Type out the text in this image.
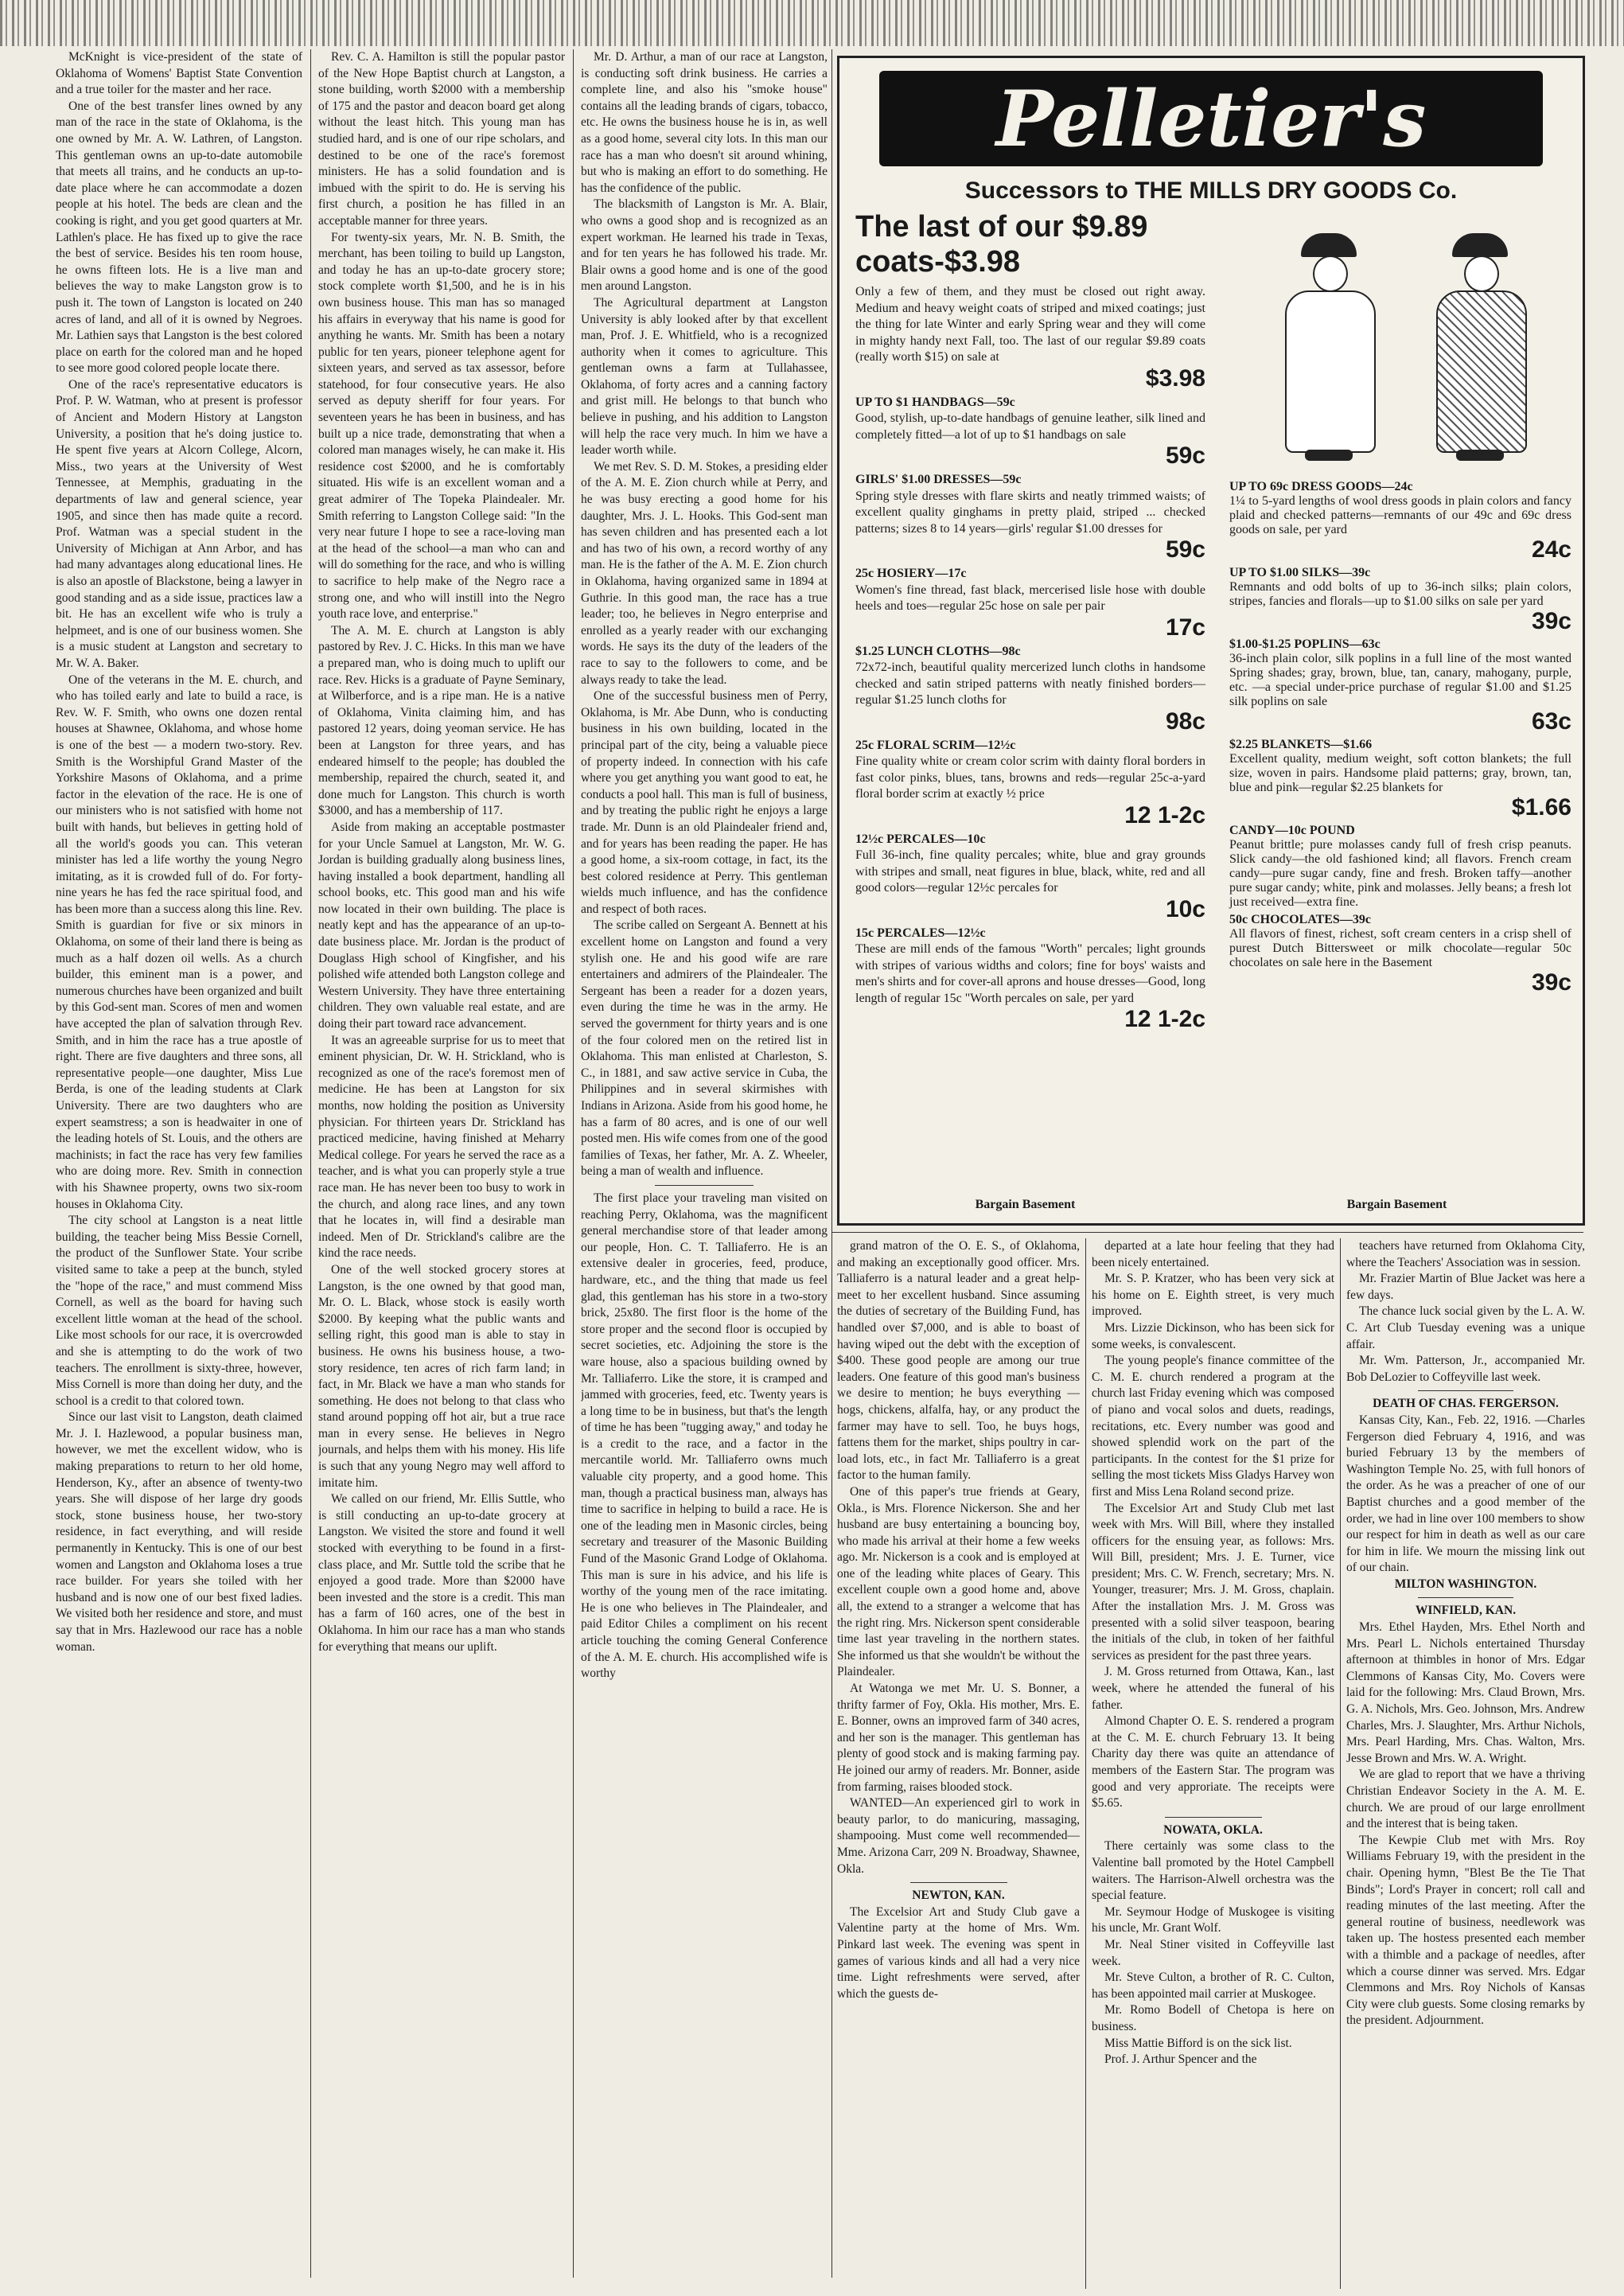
McKnight is vice-president of the state of Oklahoma of Womens' Baptist State Convention and a true toiler for the master and her race.

One of the best transfer lines owned by any man of the race in the state of Oklahoma, is the one owned by Mr. A. W. Lathren, of Langston. This gentleman owns an up-to-date automobile that meets all trains, and he conducts an up-to-date place where he can accommodate a dozen people at his hotel. The beds are clean and the cooking is right, and you get good quarters at Mr. Lathlen's place. He has fixed up to give the race the best of service. Besides his ten room house, he owns fifteen lots. He is a live man and believes the way to make Langston grow is to push it. The town of Langston is located on 240 acres of land, and all of it is owned by Negroes. Mr. Lathien says that Langston is the best colored place on earth for the colored man and he hoped to see more good colored people locate there.

One of the race's representative educators is Prof. P. W. Watman, who at present is professor of Ancient and Modern History at Langston University, a position that he's doing justice to. He spent five years at Alcorn College, Alcorn, Miss., two years at the University of West Tennessee, at Memphis, graduating in the departments of law and general science, year 1905, and since then has made quite a record. Prof. Watman was a special student in the University of Michigan at Ann Arbor, and has had many advantages along educational lines. He is also an apostle of Blackstone, being a lawyer in good standing and as a side issue, practices law a bit. He has an excellent wife who is truly a helpmeet, and is one of our business women. She is a music student at Langston and secretary to Mr. W. A. Baker.

One of the veterans in the M. E. church, and who has toiled early and late to build a race, is Rev. W. F. Smith, who owns one dozen rental houses at Shawnee, Oklahoma, and whose home is one of the best — a modern two-story. Rev. Smith is the Worshipful Grand Master of the Yorkshire Masons of Oklahoma, and a prime factor in the elevation of the race. He is one of our ministers who is not satisfied with home not built with hands, but believes in getting hold of all the world's goods you can. This veteran minister has led a life worthy the young Negro imitating, as it is crowded full of do. For forty-nine years he has fed the race spiritual food, and has been more than a success along this line. Rev. Smith is guardian for five or six minors in Oklahoma, on some of their land there is being as much as a half dozen oil wells. As a church builder, this eminent man is a power, and numerous churches have been organized and built by this God-sent man. Scores of men and women have accepted the plan of salvation through Rev. Smith, and in him the race has a true apostle of right. There are five daughters and three sons, all representative people—one daughter, Miss Lue Berda, is one of the leading students at Clark University. There are two daughters who are expert seamstress; a son is headwaiter in one of the leading hotels of St. Louis, and the others are machinists; in fact the race has very few families who are doing more. Rev. Smith in connection with his Shawnee property, owns two six-room houses in Oklahoma City.

The city school at Langston is a neat little building, the teacher being Miss Bessie Cornell, the product of the Sunflower State. Your scribe visited same to take a peep at the bunch, styled the "hope of the race," and must commend Miss Cornell, as well as the board for having such excellent little woman at the head of the school. Like most schools for our race, it is overcrowded and she is attempting to do the work of two teachers. The enrollment is sixty-three, however, Miss Cornell is more than doing her duty, and the school is a credit to that colored town.

Since our last visit to Langston, death claimed Mr. J. I. Hazlewood, a popular business man, however, we met the excellent widow, who is making preparations to return to her old home, Henderson, Ky., after an absence of twenty-two years. She will dispose of her large dry goods stock, stone business house, her two-story residence, in fact everything, and will reside permanently in Kentucky. This is one of our best women and Langston and Oklahoma loses a true race builder. For years she toiled with her husband and is now one of our best fixed ladies. We visited both her residence and store, and must say that in Mrs. Hazlewood our race has a noble woman.

Rev. C. A. Hamilton is still the popular pastor of the New Hope Baptist church at Langston, a stone building, worth $2000 with a membership of 175 and the pastor and deacon board get along without the least hitch. This young man has studied hard, and is one of our ripe scholars, and destined to be one of the race's foremost ministers. He has a solid foundation and is imbued with the spirit to do. He is serving his first church, a position he has filled in an acceptable manner for three years.

For twenty-six years, Mr. N. B. Smith, the merchant, has been toiling to build up Langston, and today he has an up-to-date grocery store; stock complete worth $1,500, and he is in his own business house. This man has so managed his affairs in everyway that his name is good for anything he wants. Mr. Smith has been a notary public for ten years, pioneer telephone agent for sixteen years, and served as tax assessor, before statehood, for four consecutive years. He also served as deputy sheriff for four years. For seventeen years he has been in business, and has built up a nice trade, demonstrating that when a colored man manages wisely, he can make it. His residence cost $2000, and he is comfortably situated. His wife is an excellent woman and a great admirer of The Topeka Plaindealer. Mr. Smith referring to Langston College said: "In the very near future I hope to see a race-loving man at the head of the school—a man who can and will do something for the race, and who is willing to sacrifice to help make of the Negro race a strong one, and who will instill into the Negro youth race love, and enterprise."

The A. M. E. church at Langston is ably pastored by Rev. J. C. Hicks. In this man we have a prepared man, who is doing much to uplift our race. Rev. Hicks is a graduate of Payne Seminary, at Wilberforce, and is a ripe man. He is a native of Oklahoma, Vinita claiming him, and has pastored 12 years, doing yeoman service. He has been at Langston for three years, and has endeared himself to the people; has doubled the membership, repaired the church, seated it, and done much for Langston. This church is worth $3000, and has a membership of 117.

Aside from making an acceptable postmaster for your Uncle Samuel at Langston, Mr. W. G. Jordan is building gradually along business lines, having installed a book department, handling all school books, etc. This good man and his wife now located in their own building. The place is neatly kept and has the appearance of an up-to-date business place. Mr. Jordan is the product of Douglass High school of Kingfisher, and his polished wife attended both Langston college and Western University. They have three entertaining children. They own valuable real estate, and are doing their part toward race advancement.

It was an agreeable surprise for us to meet that eminent physician, Dr. W. H. Strickland, who is recognized as one of the race's foremost men of medicine. He has been at Langston for six months, now holding the position as University physician. For thirteen years Dr. Strickland has practiced medicine, having finished at Meharry Medical college. For years he served the race as a teacher, and is what you can properly style a true race man. He has never been too busy to work in the church, and along race lines, and any town that he locates in, will find a desirable man indeed. Men of Dr. Strickland's calibre are the kind the race needs.

One of the well stocked grocery stores at Langston, is the one owned by that good man, Mr. O. L. Black, whose stock is easily worth $2000. By keeping what the public wants and selling right, this good man is able to stay in business. He owns his business house, a two-story residence, ten acres of rich farm land; in fact, in Mr. Black we have a man who stands for something. He does not belong to that class who stand around popping off hot air, but a true race man in every sense. He believes in Negro journals, and helps them with his money. His life is such that any young Negro may well afford to imitate him.

We called on our friend, Mr. Ellis Suttle, who is still conducting an up-to-date grocery at Langston. We visited the store and found it well stocked with everything to be found in a first-class place, and Mr. Suttle told the scribe that he enjoyed a good trade. More than $2000 have been invested and the store is a credit. This man has a farm of 160 acres, one of the best in Oklahoma. In him our race has a man who stands for everything that means our uplift.

Mr. D. Arthur, a man of our race at Langston, is conducting soft drink business. He carries a complete line, and also his "smoke house" contains all the leading brands of cigars, tobacco, etc. He owns the business house he is in, as well as a good home, several city lots. In this man our race has a man who doesn't sit around whining, but who is making an effort to do something. He has the confidence of the public.

The blacksmith of Langston is Mr. A. Blair, who owns a good shop and is recognized as an expert workman. He learned his trade in Texas, and for ten years he has followed his trade. Mr. Blair owns a good home and is one of the good men around Langston.

The Agricultural department at Langston University is ably looked after by that excellent man, Prof. J. E. Whitfield, who is a recognized authority when it comes to agriculture. This gentleman owns a farm at Tullahassee, Oklahoma, of forty acres and a canning factory and grist mill. He belongs to that bunch who believe in pushing, and his addition to Langston will help the race very much. In him we have a leader worth while.

We met Rev. S. D. M. Stokes, a presiding elder of the A. M. E. Zion church while at Perry, and he was busy erecting a good home for his daughter, Mrs. J. L. Hooks. This God-sent man has seven children and has presented each a lot and has two of his own, a record worthy of any man. He is the father of the A. M. E. Zion church in Oklahoma, having organized same in 1894 at Guthrie. In this good man, the race has a true leader; too, he believes in Negro enterprise and enrolled as a yearly reader with our exchanging words. He says its the duty of the leaders of the race to say to the followers to come, and be always ready to take the lead.

One of the successful business men of Perry, Oklahoma, is Mr. Abe Dunn, who is conducting business in his own building, located in the principal part of the city, being a valuable piece of property indeed. In connection with his cafe where you get anything you want good to eat, he conducts a pool hall. This man is full of business, and by treating the public right he enjoys a large trade. Mr. Dunn is an old Plaindealer friend and, and for years has been reading the paper. He has a good home, a six-room cottage, in fact, its the best colored residence at Perry. This gentleman wields much influence, and has the confidence and respect of both races.

The scribe called on Sergeant A. Bennett at his excellent home on Langston and found a very stylish one. He and his good wife are rare entertainers and admirers of the Plaindealer. The Sergeant has been a reader for a dozen years, even during the time he was in the army. He served the government for thirty years and is one of the four colored men on the retired list in Oklahoma. This man enlisted at Charleston, S. C., in 1881, and saw active service in Cuba, the Philippines and in several skirmishes with Indians in Arizona. Aside from his good home, he has a farm of 80 acres, and is one of our well posted men. His wife comes from one of the good families of Texas, her father, Mr. A. Z. Wheeler, being a man of wealth and influence.

The first place your traveling man visited on reaching Perry, Oklahoma, was the magnificent general merchandise store of that leader among our people, Hon. C. T. Talliaferro. He is an extensive dealer in groceries, feed, produce, hardware, etc., and the thing that made us feel glad, this gentleman has his store in a two-story brick, 25x80. The first floor is the home of the store proper and the second floor is occupied by secret societies, etc. Adjoining the store is the ware house, also a spacious building owned by Mr. Talliaferro. Like the store, it is cramped and jammed with groceries, feed, etc. Twenty years is a long time to be in business, but that's the length of time he has been "tugging away," and today he is a credit to the race, and a factor in the mercantile world. Mr. Talliaferro owns much valuable city property, and a good home. This man, though a practical business man, always has time to sacrifice in helping to build a race. He is one of the leading men in Masonic circles, being secretary and treasurer of the Masonic Building Fund of the Masonic Grand Lodge of Oklahoma. This man is sure in his advice, and his life is worthy of the young men of the race imitating. He is one who believes in The Plaindealer, and paid Editor Chiles a compliment on his recent article touching the coming General Conference of the A. M. E. church. His accomplished wife is worthy

Pelletier's
Successors to THE MILLS DRY GOODS Co.
The last of our $9.89 coats-$3.98
Only a few of them, and they must be closed out right away. Medium and heavy weight coats of striped and mixed coatings; just the thing for late Winter and early Spring wear and they will come in mighty handy next Fall, too. The last of our regular $9.89 coats (really worth $15) on sale at
$3.98
UP TO $1 HANDBAGS—59c
Good, stylish, up-to-date handbags of genuine leather, silk lined and completely fitted—a lot of up to $1 handbags on sale
59c
GIRLS' $1.00 DRESSES—59c
Spring style dresses with flare skirts and neatly trimmed waists; of excellent quality ginghams in pretty plaid, striped ... checked patterns; sizes 8 to 14 years—girls' regular $1.00 dresses for
59c
25c HOSIERY—17c
Women's fine thread, fast black, mercerised lisle hose with double heels and toes—regular 25c hose on sale per pair
17c
$1.25 LUNCH CLOTHS—98c
72x72-inch, beautiful quality mercerized lunch cloths in handsome checked and satin striped patterns with neatly finished borders—regular $1.25 lunch cloths for
98c
25c FLORAL SCRIM—12½c
Fine quality white or cream color scrim with dainty floral borders in fast color pinks, blues, tans, browns and reds—regular 25c-a-yard floral border scrim at exactly ½ price
12 1-2c
12½c PERCALES—10c
Full 36-inch, fine quality percales; white, blue and gray grounds with stripes and small, neat figures in blue, black, white, red and all good colors—regular 12½c percales for
10c
15c PERCALES—12½c
These are mill ends of the famous "Worth" percales; light grounds with stripes of various widths and colors; fine for boys' waists and men's shirts and for cover-all aprons and house dresses—Good, long length of regular 15c "Worth percales on sale, per yard
12 1-2c
UP TO 69c DRESS GOODS—24c
1¼ to 5-yard lengths of wool dress goods in plain colors and fancy plaid and checked patterns—remnants of our 49c and 69c dress goods on sale, per yard
24c
UP TO $1.00 SILKS—39c
Remnants and odd bolts of up to 36-inch silks; plain colors, stripes, fancies and florals—up to $1.00 silks on sale per yard
39c
$1.00-$1.25 POPLINS—63c
36-inch plain color, silk poplins in a full line of the most wanted Spring shades; gray, brown, blue, tan, canary, mahogany, purple, etc. —a special under-price purchase of regular $1.00 and $1.25 silk poplins on sale
63c
$2.25 BLANKETS—$1.66
Excellent quality, medium weight, soft cotton blankets; the full size, woven in pairs. Handsome plaid patterns; gray, brown, tan, blue and pink—regular $2.25 blankets for
$1.66
CANDY—10c POUND
Peanut brittle; pure molasses candy full of fresh crisp peanuts. Slick candy—the old fashioned kind; all flavors. French cream candy—pure sugar candy, fine and fresh. Broken taffy—another pure sugar candy; white, pink and molasses. Jelly beans; a fresh lot just received—extra fine.
50c CHOCOLATES—39c
All flavors of finest, richest, soft cream centers in a crisp shell of purest Dutch Bittersweet or milk chocolate—regular 50c chocolates on sale here in the Basement
39c
Bargain Basement	Bargain Basement

grand matron of the O. E. S., of Oklahoma, and making an exceptionally good officer. Mrs. Talliaferro is a natural leader and a great help-meet to her excellent husband. Since assuming the duties of secretary of the Building Fund, has handled over $7,000, and is able to boast of having wiped out the debt with the exception of $400. These good people are among our true leaders. One feature of this good man's business we desire to mention; he buys everything —hogs, chickens, alfalfa, hay, or any product the farmer may have to sell. Too, he buys hogs, fattens them for the market, ships poultry in car-load lots, etc., in fact Mr. Talliaferro is a great factor to the human family.

One of this paper's true friends at Geary, Okla., is Mrs. Florence Nickerson. She and her husband are busy entertaining a bouncing boy, who made his arrival at their home a few weeks ago. Mr. Nickerson is a cook and is employed at one of the leading white places of Geary. This excellent couple own a good home and, above all, the extend to a stranger a welcome that has the right ring. Mrs. Nickerson spent considerable time last year traveling in the northern states. She informed us that she wouldn't be without the Plaindealer.

At Watonga we met Mr. U. S. Bonner, a thrifty farmer of Foy, Okla. His mother, Mrs. E. E. Bonner, owns an improved farm of 340 acres, and her son is the manager. This gentleman has plenty of good stock and is making farming pay. He joined our army of readers. Mr. Bonner, aside from farming, raises blooded stock.

WANTED—An experienced girl to work in beauty parlor, to do manicuring, massaging, shampooing. Must come well recommended—Mme. Arizona Carr, 209 N. Broadway, Shawnee, Okla.

NEWTON, KAN.

The Excelsior Art and Study Club gave a Valentine party at the home of Mrs. Wm. Pinkard last week. The evening was spent in games of various kinds and all had a very nice time. Light refreshments were served, after which the guests de-

departed at a late hour feeling that they had been nicely entertained.

Mr. S. P. Kratzer, who has been very sick at his home on E. Eighth street, is very much improved.

Mrs. Lizzie Dickinson, who has been sick for some weeks, is convalescent.

The young people's finance committee of the C. M. E. church rendered a program at the church last Friday evening which was composed of piano and vocal solos and duets, readings, recitations, etc. Every number was good and showed splendid work on the part of the participants. In the contest for the $1 prize for selling the most tickets Miss Gladys Harvey won first and Miss Lena Roland second prize.

The Excelsior Art and Study Club met last week with Mrs. Will Bill, where they installed officers for the ensuing year, as follows: Mrs. Will Bill, president; Mrs. J. E. Turner, vice president; Mrs. C. W. French, secretary; Mrs. N. Younger, treasurer; Mrs. J. M. Gross, chaplain. After the installation Mrs. J. M. Gross was presented with a solid silver teaspoon, bearing the initials of the club, in token of her faithful services as president for the past three years.

J. M. Gross returned from Ottawa, Kan., last week, where he attended the funeral of his father.

Almond Chapter O. E. S. rendered a program at the C. M. E. church February 13. It being Charity day there was quite an attendance of members of the Eastern Star. The program was good and very approriate. The receipts were $5.65.

NOWATA, OKLA.

There certainly was some class to the Valentine ball promoted by the Hotel Campbell waiters. The Harrison-Alwell orchestra was the special feature.

Mr. Seymour Hodge of Muskogee is visiting his uncle, Mr. Grant Wolf.

Mr. Neal Stiner visited in Coffeyville last week.

Mr. Steve Culton, a brother of R. C. Culton, has been appointed mail carrier at Muskogee.

Mr. Romo Bodell of Chetopa is here on business.

Miss Mattie Bifford is on the sick list.

Prof. J. Arthur Spencer and the

teachers have returned from Oklahoma City, where the Teachers' Association was in session.

Mr. Frazier Martin of Blue Jacket was here a few days.

The chance luck social given by the L. A. W. C. Art Club Tuesday evening was a unique affair.

Mr. Wm. Patterson, Jr., accompanied Mr. Bob DeLozier to Coffeyville last week.

DEATH OF CHAS. FERGERSON.

Kansas City, Kan., Feb. 22, 1916. —Charles Fergerson died February 4, 1916, and was buried February 13 by the members of Washington Temple No. 25, with full honors of the order. As he was a preacher of one of our Baptist churches and a good member of the order, we had in line over 100 members to show our respect for him in death as well as our care for him in life. We mourn the missing link out of our chain.

MILTON WASHINGTON.

WINFIELD, KAN.

Mrs. Ethel Hayden, Mrs. Ethel North and Mrs. Pearl L. Nichols entertained Thursday afternoon at thimbles in honor of Mrs. Edgar Clemmons of Kansas City, Mo. Covers were laid for the following: Mrs. Claud Brown, Mrs. G. A. Nichols, Mrs. Geo. Johnson, Mrs. Andrew Charles, Mrs. J. Slaughter, Mrs. Arthur Nichols, Mrs. Pearl Harding, Mrs. Chas. Walton, Mrs. Jesse Brown and Mrs. W. A. Wright.

We are glad to report that we have a thriving Christian Endeavor Society in the A. M. E. church. We are proud of our large enrollment and the interest that is being taken.

The Kewpie Club met with Mrs. Roy Williams February 19, with the president in the chair. Opening hymn, "Blest Be the Tie That Binds"; Lord's Prayer in concert; roll call and reading minutes of the last meeting. After the general routine of business, needlework was taken up. The hostess presented each member with a thimble and a package of needles, after which a course dinner was served. Mrs. Edgar Clemmons and Mrs. Roy Nichols of Kansas City were club guests. Some closing remarks by the president. Adjournment.
